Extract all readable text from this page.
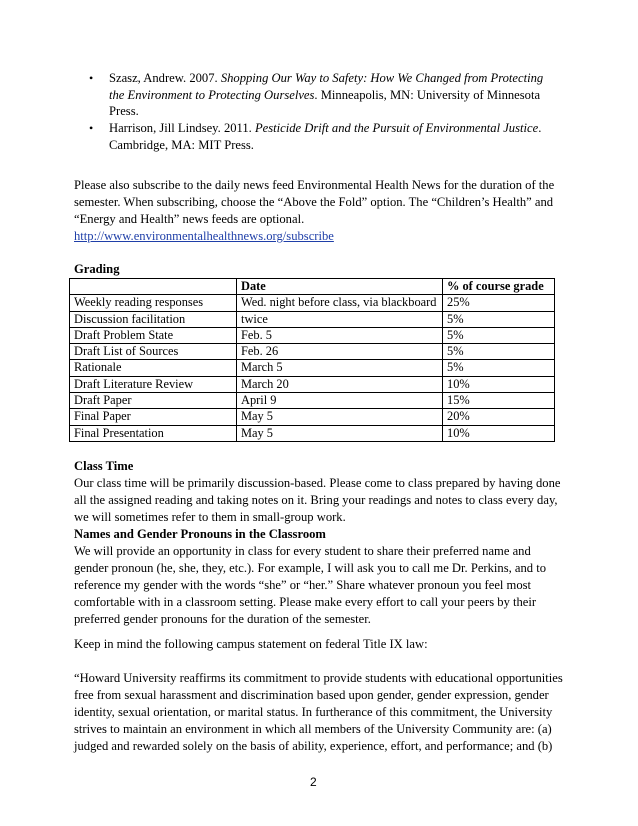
• Szasz, Andrew. 2007. Shopping Our Way to Safety: How We Changed from Protecting the Environment to Protecting Ourselves. Minneapolis, MN: University of Minnesota Press.
• Harrison, Jill Lindsey. 2011. Pesticide Drift and the Pursuit of Environmental Justice. Cambridge, MA: MIT Press.
Please also subscribe to the daily news feed Environmental Health News for the duration of the semester. When subscribing, choose the “Above the Fold” option. The “Children’s Health” and “Energy and Health” news feeds are optional.
http://www.environmentalhealthnews.org/subscribe
Grading
	Date	% of course grade
Weekly reading responses	Wed. night before class, via blackboard	25%
Discussion facilitation	twice	5%
Draft Problem State	Feb. 5	5%
Draft List of Sources	Feb. 26	5%
Rationale	March 5	5%
Draft Literature Review	March 20	10%
Draft Paper	April 9	15%
Final Paper	May 5	20%
Final Presentation	May 5	10%
Class Time
Our class time will be primarily discussion-based. Please come to class prepared by having done all the assigned reading and taking notes on it. Bring your readings and notes to class every day, we will sometimes refer to them in small-group work.
Names and Gender Pronouns in the Classroom
We will provide an opportunity in class for every student to share their preferred name and gender pronoun (he, she, they, etc.). For example, I will ask you to call me Dr. Perkins, and to reference my gender with the words “she” or “her.” Share whatever pronoun you feel most comfortable with in a classroom setting. Please make every effort to call your peers by their preferred gender pronouns for the duration of the semester.
Keep in mind the following campus statement on federal Title IX law:
“Howard University reaffirms its commitment to provide students with educational opportunities free from sexual harassment and discrimination based upon gender, gender expression, gender identity, sexual orientation, or marital status. In furtherance of this commitment, the University strives to maintain an environment in which all members of the University Community are: (a) judged and rewarded solely on the basis of ability, experience, effort, and performance; and (b)
2
